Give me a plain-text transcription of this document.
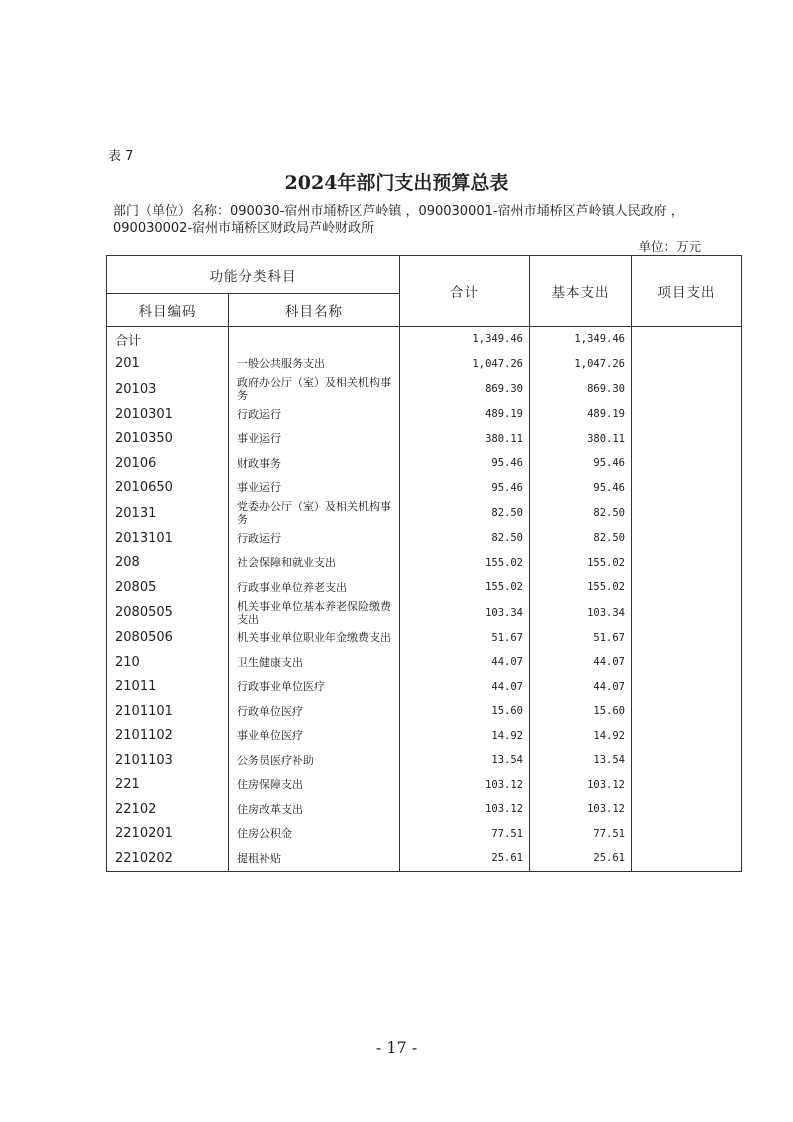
表 7
2024年部门支出预算总表
部门（单位）名称：090030-宿州市埇桥区芦岭镇 ，090030001-宿州市埇桥区芦岭镇人民政府 ，
090030002-宿州市埇桥区财政局芦岭财政所
单位：万元
功能分类科目		合计	基本支出	项目支出
科目编码	科目名称			
合计		1,349.46	1,349.46	
201	一般公共服务支出	1,047.26	1,047.26	
20103	政府办公厅（室）及相关机构事务	869.30	869.30	
2010301	行政运行	489.19	489.19	
2010350	事业运行	380.11	380.11	
20106	财政事务	95.46	95.46	
2010650	事业运行	95.46	95.46	
20131	党委办公厅（室）及相关机构事务	82.50	82.50	
2013101	行政运行	82.50	82.50	
208	社会保障和就业支出	155.02	155.02	
20805	行政事业单位养老支出	155.02	155.02	
2080505	机关事业单位基本养老保险缴费支出	103.34	103.34	
2080506	机关事业单位职业年金缴费支出	51.67	51.67	
210	卫生健康支出	44.07	44.07	
21011	行政事业单位医疗	44.07	44.07	
2101101	行政单位医疗	15.60	15.60	
2101102	事业单位医疗	14.92	14.92	
2101103	公务员医疗补助	13.54	13.54	
221	住房保障支出	103.12	103.12	
22102	住房改革支出	103.12	103.12	
2210201	住房公积金	77.51	77.51	
2210202	提租补贴	25.61	25.61	
- 17 -
